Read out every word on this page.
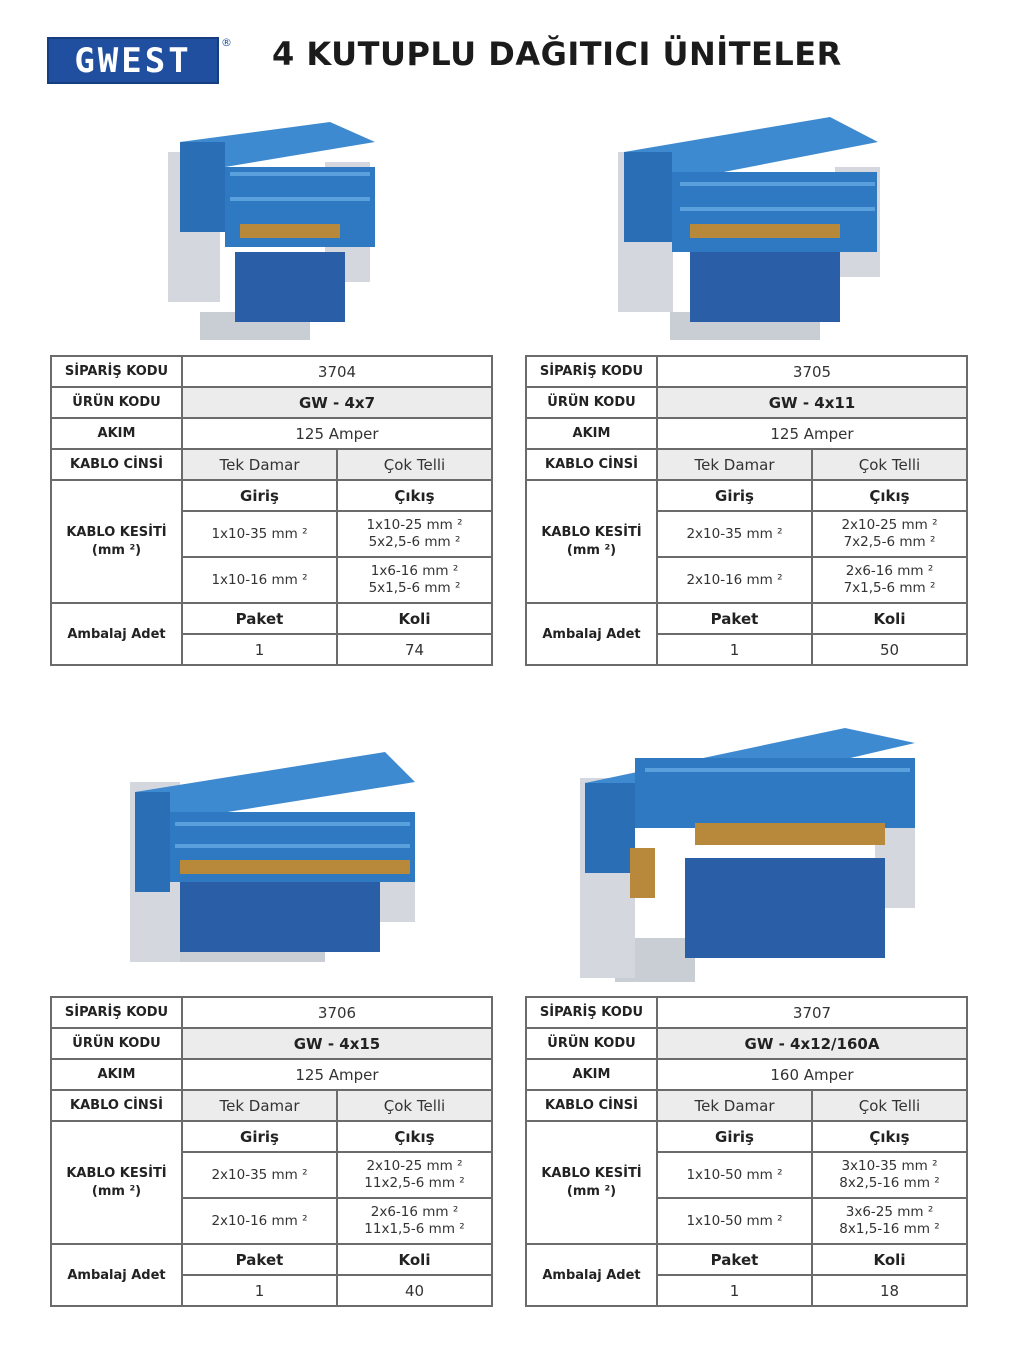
GWEST	® 4 KUTUPLU DAĞITICI ÜNİTELER
SİPARİŞ KODU	3704	
ÜRÜN KODU	GW - 4x7	
AKIM	125 Amper	
KABLO CİNSİ	Tek Damar	Çok Telli
KABLO KESİTİ
(mm ²)	Giriş	Çıkış
	1x10-35 mm ²	1x10-25 mm ²
5x2,5-6 mm ²
	1x10-16 mm ²	1x6-16 mm ²
5x1,5-6 mm ²
Ambalaj Adet	Paket	Koli
	1	74
SİPARİŞ KODU	3705	
ÜRÜN KODU	GW - 4x11	
AKIM	125 Amper	
KABLO CİNSİ	Tek Damar	Çok Telli
KABLO KESİTİ
(mm ²)	Giriş	Çıkış
	2x10-35 mm ²	2x10-25 mm ²
7x2,5-6 mm ²
	2x10-16 mm ²	2x6-16 mm ²
7x1,5-6 mm ²
Ambalaj Adet	Paket	Koli
	1	50
SİPARİŞ KODU	3706	
ÜRÜN KODU	GW - 4x15	
AKIM	125 Amper	
KABLO CİNSİ	Tek Damar	Çok Telli
KABLO KESİTİ
(mm ²)	Giriş	Çıkış
	2x10-35 mm ²	2x10-25 mm ²
11x2,5-6 mm ²
	2x10-16 mm ²	2x6-16 mm ²
11x1,5-6 mm ²
Ambalaj Adet	Paket	Koli
	1	40
SİPARİŞ KODU	3707	
ÜRÜN KODU	GW - 4x12/160A	
AKIM	160 Amper	
KABLO CİNSİ	Tek Damar	Çok Telli
KABLO KESİTİ
(mm ²)	Giriş	Çıkış
	1x10-50 mm ²	3x10-35 mm ²
8x2,5-16 mm ²
	1x10-50 mm ²	3x6-25 mm ²
8x1,5-16 mm ²
Ambalaj Adet	Paket	Koli
	1	18
